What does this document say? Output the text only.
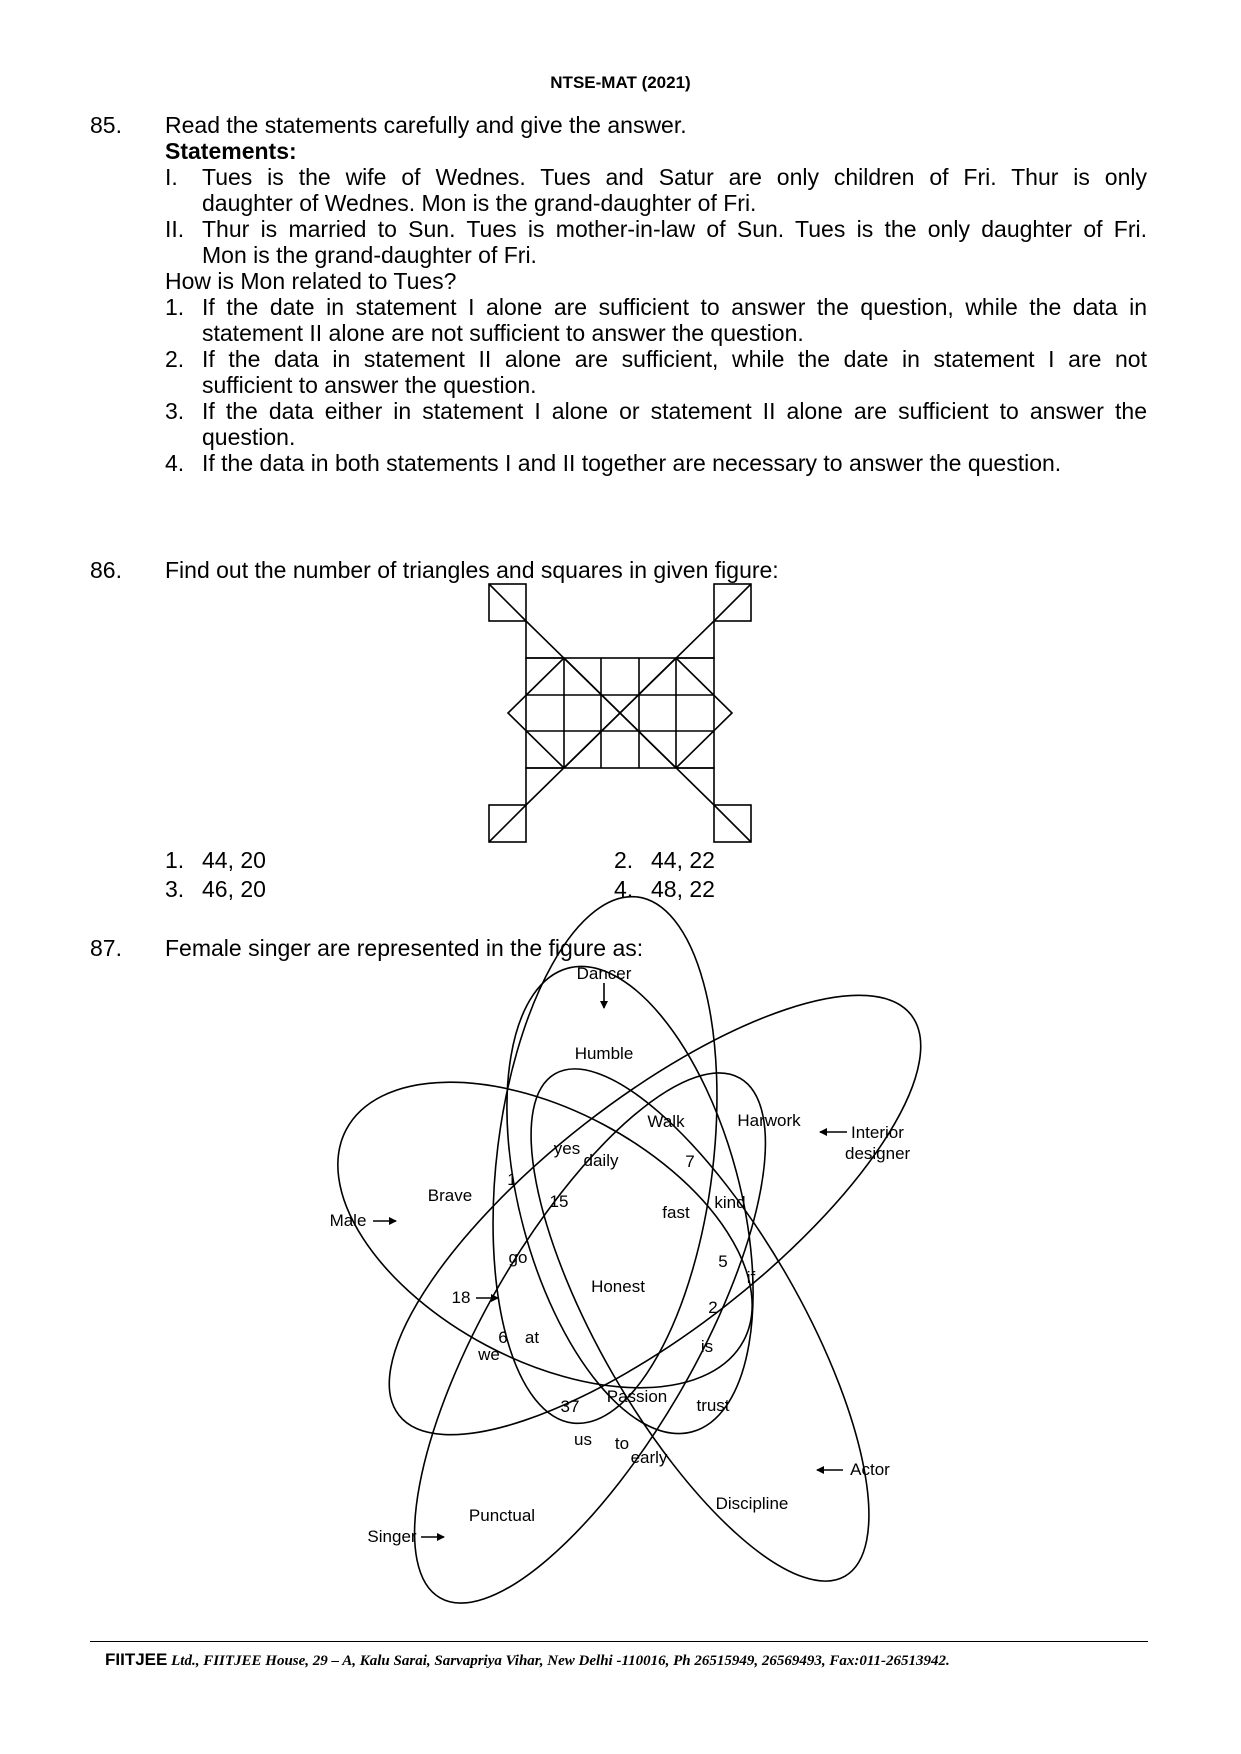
NTSE-MAT (2021)
85. Read the statements carefully and give the answer.
Statements:
I. Tues is the wife of Wednes. Tues and Satur are only children of Fri. Thur is only
daughter of Wednes. Mon is the grand-daughter of Fri.
II. Thur is married to Sun. Tues is mother-in-law of Sun. Tues is the only daughter of Fri.
Mon is the grand-daughter of Fri.
How is Mon related to Tues?
1. If the date in statement I alone are sufficient to answer the question, while the data in
statement II alone are not sufficient to answer the question.
2. If the data in statement II alone are sufficient, while the date in statement I are not
sufficient to answer the question.
3. If the data either in statement I alone or statement II alone are sufficient to answer the
question.
4. If the data in both statements I and II together are necessary to answer the question.
86. Find out the number of triangles and squares in given figure:
1. 44, 20	2. 44, 22
3. 46, 20	4. 48, 22
87. Female singer are represented in the figure as:
Dancer
Interior
designer
Male
18
Actor
Singer
Humble
Walk	Harwork
Brave
yes
daily	7
1
15
fast
kind
go	5
if
Honest
2
6 at
we	is
Passion
37	trust
us to
early
Punctual
Discipline
FIITJEE Ltd., FIITJEE House, 29 – A, Kalu Sarai, Sarvapriya Vihar, New Delhi -110016, Ph 26515949, 26569493, Fax:011-26513942.
